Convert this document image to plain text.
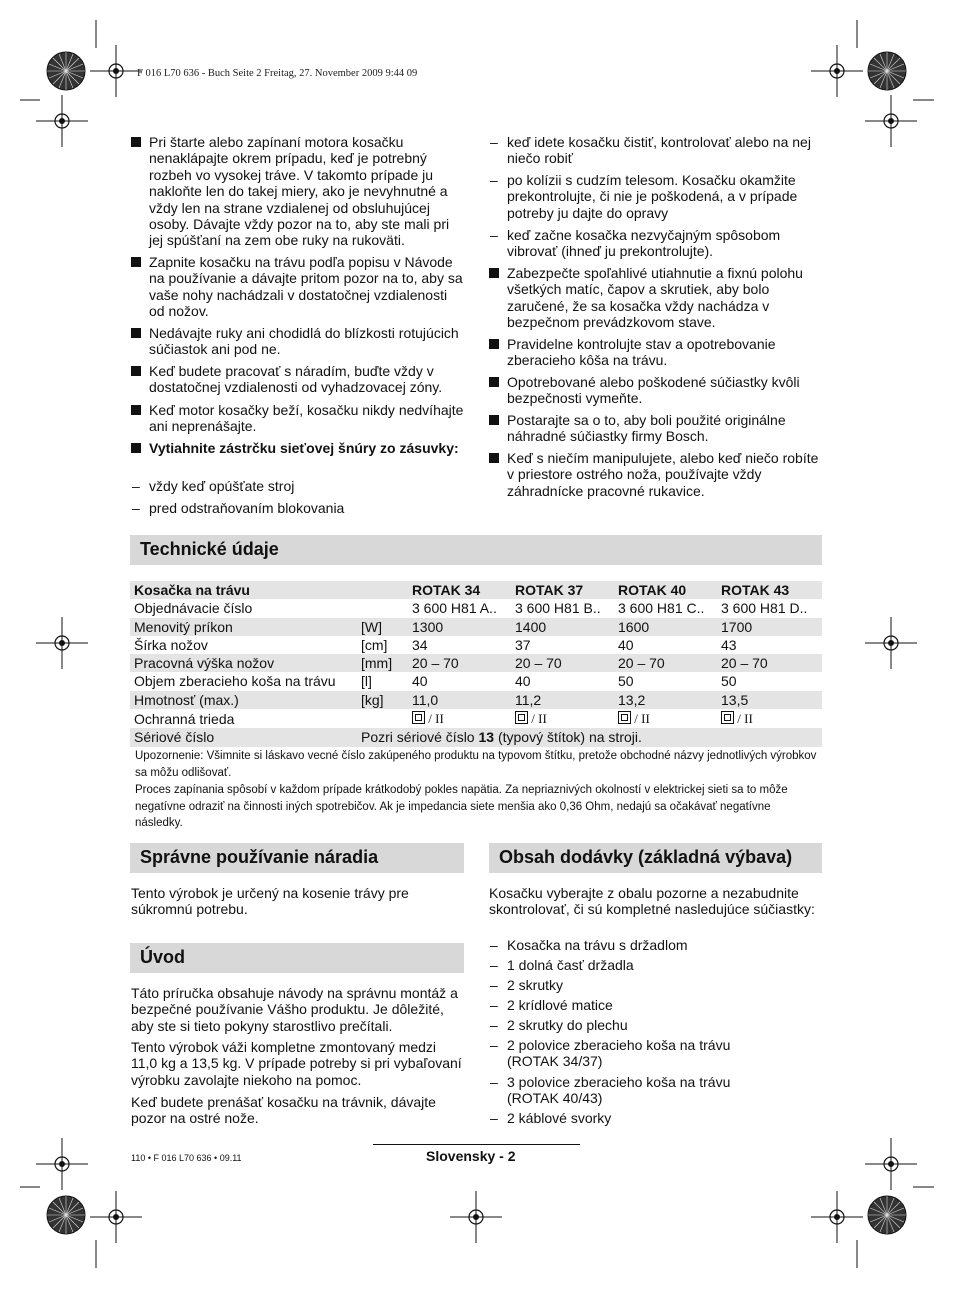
F 016 L70 636 - Buch Seite 2 Freitag, 27. November 2009 9:44 09
Pri štarte alebo zapínaní motora kosačku nenaklápajte okrem prípadu, keď je potrebný rozbeh vo vysokej tráve. V takomto prípade ju nakloňte len do takej miery, ako je nevyhnutné a vždy len na strane vzdialenej od obsluhujúcej osoby. Dávajte vždy pozor na to, aby ste mali pri jej spúšťaní na zem obe ruky na rukoväti.
Zapnite kosačku na trávu podľa popisu v Návode na používanie a dávajte pritom pozor na to, aby sa vaše nohy nachádzali v dostatočnej vzdialenosti od nožov.
Nedávajte ruky ani chodidlá do blízkosti rotujúcich súčiastok ani pod ne.
Keď budete pracovať s náradím, buďte vždy v dostatočnej vzdialenosti od vyhadzovacej zóny.
Keď motor kosačky beží, kosačku nikdy nedvíhajte ani neprenášajte.
Vytiahnite zástrčku sieťovej šnúry zo zásuvky:
– vždy keď opúšťate stroj
– pred odstraňovaním blokovania
– keď idete kosačku čistiť, kontrolovať alebo na nej niečo robiť
– po kolízii s cudzím telesom. Kosačku okamžite prekontrolujte, či nie je poškodená, a v prípade potreby ju dajte do opravy
– keď začne kosačka nezvyčajným spôsobom vibrovať (ihneď ju prekontrolujte).
Zabezpečte spoľahlivé utiahnutie a fixnú polohu všetkých matíc, čapov a skrutiek, aby bolo zaručené, že sa kosačka vždy nachádza v bezpečnom prevádzkovom stave.
Pravidelne kontrolujte stav a opotrebovanie zberacieho kôša na trávu.
Opotrebované alebo poškodené súčiastky kvôli bezpečnosti vymeňte.
Postarajte sa o to, aby boli použité originálne náhradné súčiastky firmy Bosch.
Keď s niečím manipulujete, alebo keď niečo robíte v priestore ostrého noža, používajte vždy záhradnícke pracovné rukavice.
Technické údaje
Kosačka na trávu		ROTAK 34	ROTAK 37	ROTAK 40	ROTAK 43
Objednávacie číslo		3 600 H81 A..	3 600 H81 B..	3 600 H81 C..	3 600 H81 D..
Menovitý príkon	[W]	1300	1400	1600	1700
Šírka nožov	[cm]	34	37	40	43
Pracovná výška nožov	[mm]	20 – 70	20 – 70	20 – 70	20 – 70
Objem zberacieho koša na trávu	[l]	40	40	50	50
Hmotnosť (max.)	[kg]	11,0	11,2	13,2	13,5
Ochranná trieda		/ II	/ II	/ II	/ II
Sériové číslo	Pozri sériové číslo 13 (typový štítok) na stroji.				
Upozornenie: Všimnite si láskavo vecné číslo zakúpeného produktu na typovom štítku, pretože obchodné názvy jednotlivých výrobkov sa môžu odlišovať.
Proces zapínania spôsobí v každom prípade krátkodobý pokles napätia. Za nepriaznivých okolností v elektrickej sieti sa to môže negatívne odraziť na činnosti iných spotrebičov. Ak je impedancia siete menšia ako 0,36 Ohm, nedajú sa očakávať negatívne následky.
Správne používanie náradia
Tento výrobok je určený na kosenie trávy pre súkromnú potrebu.
Úvod
Táto príručka obsahuje návody na správnu montáž a bezpečné používanie Vášho produktu. Je dôležité, aby ste si tieto pokyny starostlivo prečítali.
Tento výrobok váži kompletne zmontovaný medzi 11,0 kg a 13,5 kg. V prípade potreby si pri vybaľovaní výrobku zavolajte niekoho na pomoc.
Keď budete prenášať kosačku na trávnik, dávajte pozor na ostré nože.
Obsah dodávky (základná výbava)
Kosačku vyberajte z obalu pozorne a nezabudnite skontrolovať, či sú kompletné nasledujúce súčiastky:
– Kosačka na trávu s držadlom
– 1 dolná časť držadla
– 2 skrutky
– 2 krídlové matice
– 2 skrutky do plechu
– 2 polovice zberacieho koša na trávu (ROTAK 34/37)
– 3 polovice zberacieho koša na trávu (ROTAK 40/43)
– 2 káblové svorky
110 • F 016 L70 636 • 09.11	Slovensky - 2
